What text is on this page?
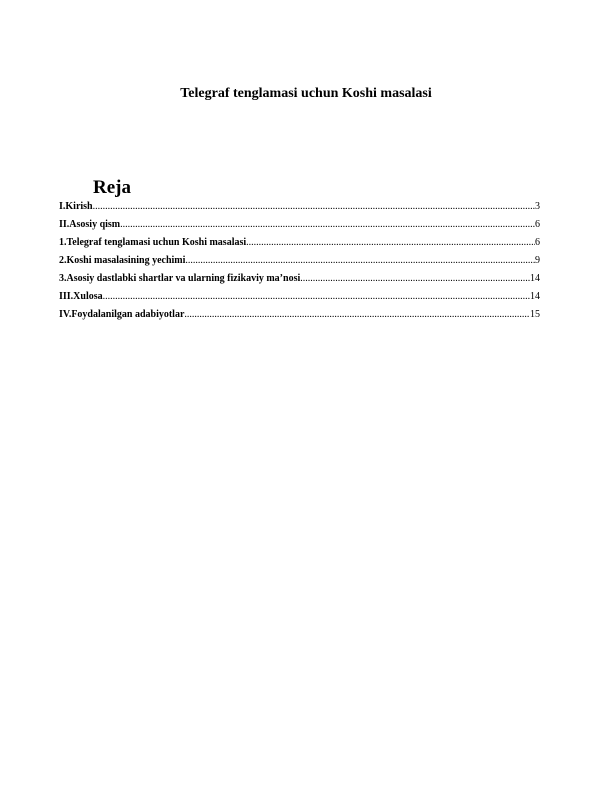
Telegraf tenglamasi uchun Koshi masalasi
Reja
I.Kirish .....	3
II.Asosiy qism .....	6
1.Telegraf tenglamasi uchun Koshi masalasi .....	6
2.Koshi masalasining yechimi .....	9
3.Asosiy dastlabki shartlar va ularning fizikaviy ma’nosi .....	14
III.Xulosa .....	14
IV.Foydalanilgan adabiyotlar .....	15
